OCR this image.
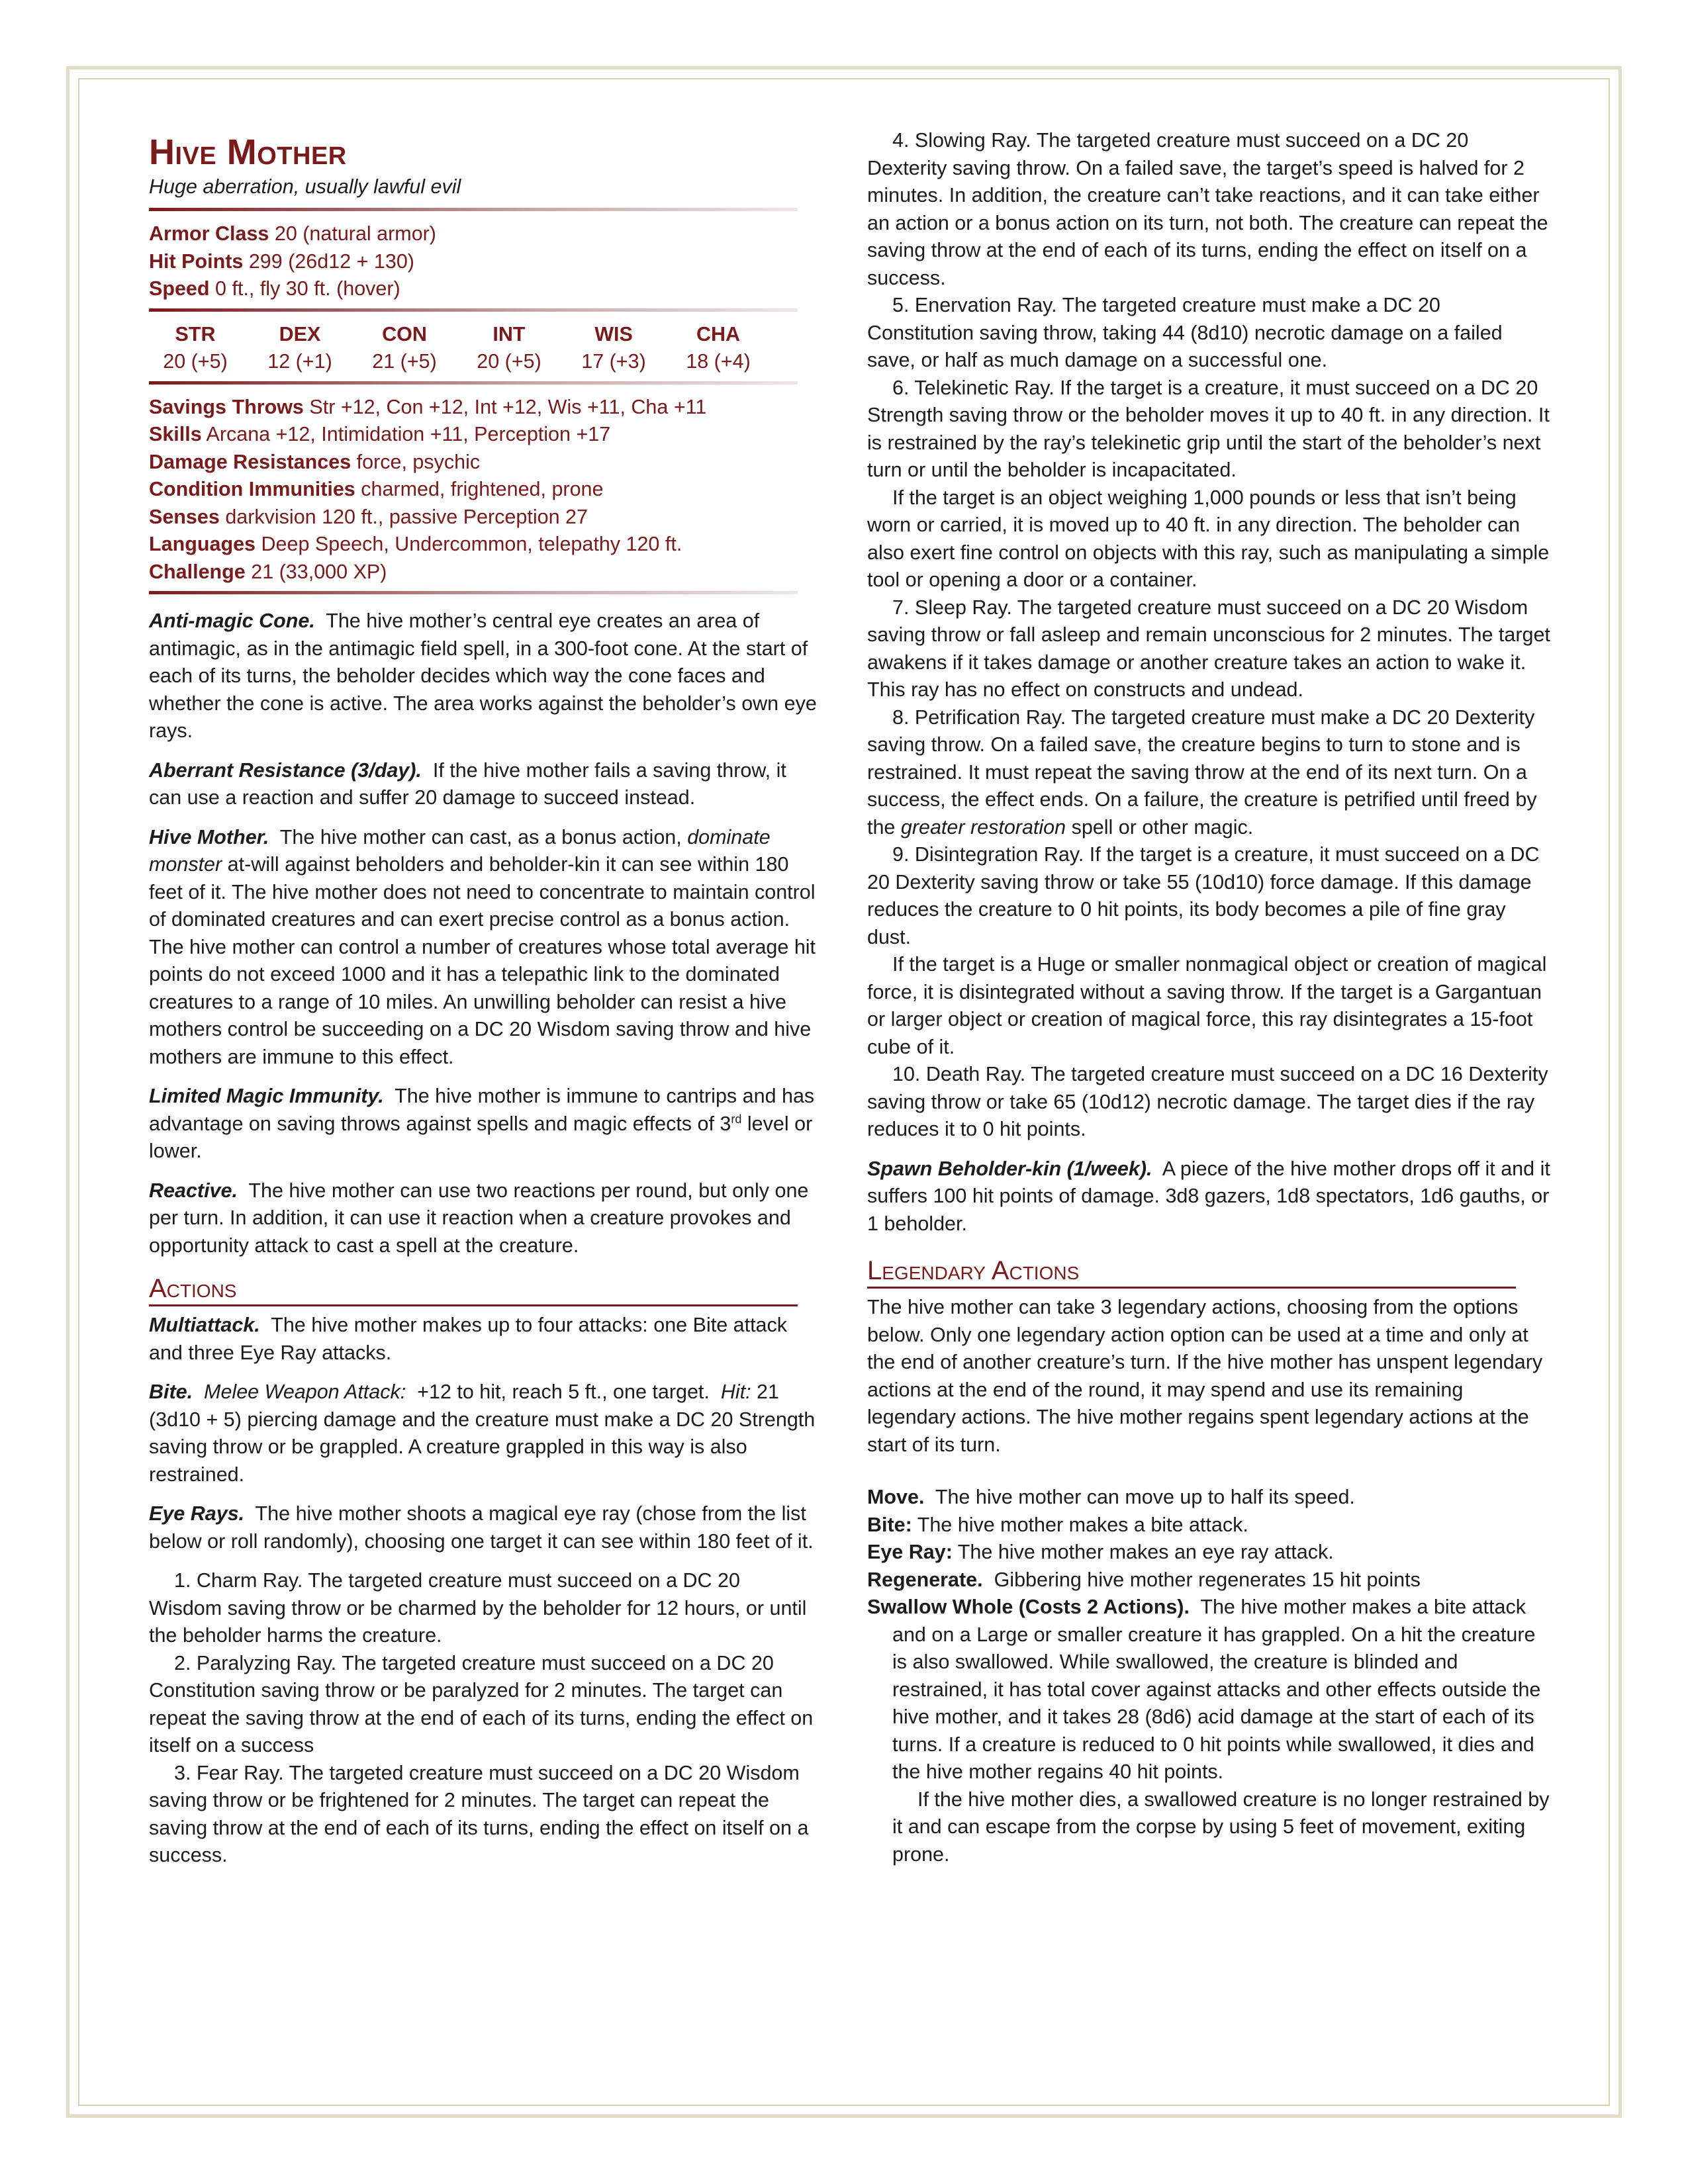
Hive Mother
Huge aberration, usually lawful evil
Armor Class 20 (natural armor)
Hit Points 299 (26d12 + 130)
Speed 0 ft., fly 30 ft. (hover)
STR	DEX	CON	INT	WIS	CHA
20 (+5)	12 (+1)	21 (+5)	20 (+5)	17 (+3)	18 (+4)
Savings Throws Str +12, Con +12, Int +12, Wis +11, Cha +11
Skills Arcana +12, Intimidation +11, Perception +17
Damage Resistances force, psychic
Condition Immunities charmed, frightened, prone
Senses darkvision 120 ft., passive Perception 27
Languages Deep Speech, Undercommon, telepathy 120 ft.
Challenge 21 (33,000 XP)

Anti-magic Cone. The hive mother’s central eye creates an area of antimagic, as in the antimagic field spell, in a 300-foot cone. At the start of each of its turns, the beholder decides which way the cone faces and whether the cone is active. The area works against the beholder’s own eye rays.

Aberrant Resistance (3/day). If the hive mother fails a saving throw, it can use a reaction and suffer 20 damage to succeed instead.

Hive Mother. The hive mother can cast, as a bonus action, dominate monster at-will against beholders and beholder-kin it can see within 180 feet of it. The hive mother does not need to concentrate to maintain control of dominated creatures and can exert precise control as a bonus action. The hive mother can control a number of creatures whose total average hit points do not exceed 1000 and it has a telepathic link to the dominated creatures to a range of 10 miles. An unwilling beholder can resist a hive mothers control be succeeding on a DC 20 Wisdom saving throw and hive mothers are immune to this effect.

Limited Magic Immunity. The hive mother is immune to cantrips and has advantage on saving throws against spells and magic effects of 3rd level or lower.

Reactive. The hive mother can use two reactions per round, but only one per turn. In addition, it can use it reaction when a creature provokes and opportunity attack to cast a spell at the creature.

Actions

Multiattack. The hive mother makes up to four attacks: one Bite attack and three Eye Ray attacks.

Bite. Melee Weapon Attack: +12 to hit, reach 5 ft., one target. Hit: 21 (3d10 + 5) piercing damage and the creature must make a DC 20 Strength saving throw or be grappled. A creature grappled in this way is also restrained.

Eye Rays. The hive mother shoots a magical eye ray (chose from the list below or roll randomly), choosing one target it can see within 180 feet of it.

1. Charm Ray. The targeted creature must succeed on a DC 20 Wisdom saving throw or be charmed by the beholder for 12 hours, or until the beholder harms the creature.

2. Paralyzing Ray. The targeted creature must succeed on a DC 20 Constitution saving throw or be paralyzed for 2 minutes. The target can repeat the saving throw at the end of each of its turns, ending the effect on itself on a success

3. Fear Ray. The targeted creature must succeed on a DC 20 Wisdom saving throw or be frightened for 2 minutes. The target can repeat the saving throw at the end of each of its turns, ending the effect on itself on a success.

4. Slowing Ray. The targeted creature must succeed on a DC 20 Dexterity saving throw. On a failed save, the target’s speed is halved for 2 minutes. In addition, the creature can’t take reactions, and it can take either an action or a bonus action on its turn, not both. The creature can repeat the saving throw at the end of each of its turns, ending the effect on itself on a success.

5. Enervation Ray. The targeted creature must make a DC 20 Constitution saving throw, taking 44 (8d10) necrotic damage on a failed save, or half as much damage on a successful one.

6. Telekinetic Ray. If the target is a creature, it must succeed on a DC 20 Strength saving throw or the beholder moves it up to 40 ft. in any direction. It is restrained by the ray’s telekinetic grip until the start of the beholder’s next turn or until the beholder is incapacitated.

If the target is an object weighing 1,000 pounds or less that isn’t being worn or carried, it is moved up to 40 ft. in any direction. The beholder can also exert fine control on objects with this ray, such as manipulating a simple tool or opening a door or a container.

7. Sleep Ray. The targeted creature must succeed on a DC 20 Wisdom saving throw or fall asleep and remain unconscious for 2 minutes. The target awakens if it takes damage or another creature takes an action to wake it. This ray has no effect on constructs and undead.

8. Petrification Ray. The targeted creature must make a DC 20 Dexterity saving throw. On a failed save, the creature begins to turn to stone and is restrained. It must repeat the saving throw at the end of its next turn. On a success, the effect ends. On a failure, the creature is petrified until freed by the greater restoration spell or other magic.

9. Disintegration Ray. If the target is a creature, it must succeed on a DC 20 Dexterity saving throw or take 55 (10d10) force damage. If this damage reduces the creature to 0 hit points, its body becomes a pile of fine gray dust.

If the target is a Huge or smaller nonmagical object or creation of magical force, it is disintegrated without a saving throw. If the target is a Gargantuan or larger object or creation of magical force, this ray disintegrates a 15-foot cube of it.

10. Death Ray. The targeted creature must succeed on a DC 16 Dexterity saving throw or take 65 (10d12) necrotic damage. The target dies if the ray reduces it to 0 hit points.

Spawn Beholder-kin (1/week). A piece of the hive mother drops off it and it suffers 100 hit points of damage. 3d8 gazers, 1d8 spectators, 1d6 gauths, or 1 beholder.

Legendary Actions

The hive mother can take 3 legendary actions, choosing from the options below. Only one legendary action option can be used at a time and only at the end of another creature’s turn. If the hive mother has unspent legendary actions at the end of the round, it may spend and use its remaining legendary actions. The hive mother regains spent legendary actions at the start of its turn.

Move. The hive mother can move up to half its speed.

Bite: The hive mother makes a bite attack.

Eye Ray: The hive mother makes an eye ray attack.

Regenerate. Gibbering hive mother regenerates 15 hit points

Swallow Whole (Costs 2 Actions). The hive mother makes a bite attack and on a Large or smaller creature it has grappled. On a hit the creature is also swallowed. While swallowed, the creature is blinded and restrained, it has total cover against attacks and other effects outside the hive mother, and it takes 28 (8d6) acid damage at the start of each of its turns. If a creature is reduced to 0 hit points while swallowed, it dies and the hive mother regains 40 hit points.

If the hive mother dies, a swallowed creature is no longer restrained by it and can escape from the corpse by using 5 feet of movement, exiting prone.
